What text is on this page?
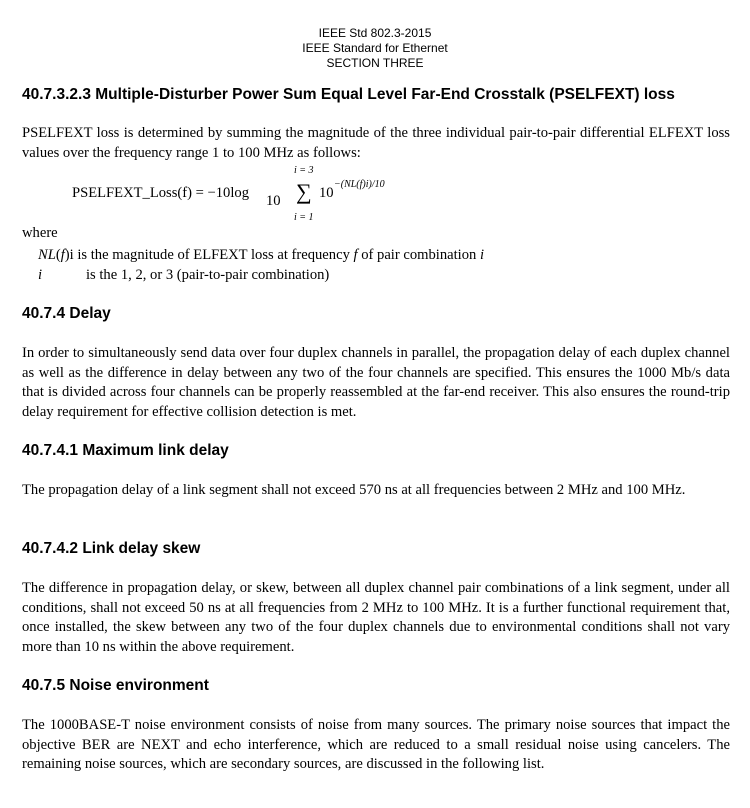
IEEE Std 802.3-2015
IEEE Standard for Ethernet
SECTION THREE
40.7.3.2.3 Multiple-Disturber Power Sum Equal Level Far-End Crosstalk (PSELFEXT) loss

PSELFEXT loss is determined by summing the magnitude of the three individual pair-to-pair differential ELFEXT loss values over the frequency range 1 to 100 MHz as follows:

PSELFEXT_Loss(f) = −10log 10
i = 3
∑
i = 1
10
−(NL(f)i)/10
where
NL(f)i is the magnitude of ELFEXT loss at frequency f of pair combination i
i	is the 1, 2, or 3 (pair-to-pair combination)
40.7.4 Delay

In order to simultaneously send data over four duplex channels in parallel, the propagation delay of each duplex channel as well as the difference in delay between any two of the four channels are specified. This ensures the 1000 Mb/s data that is divided across four channels can be properly reassembled at the far-end receiver. This also ensures the round-trip delay requirement for effective collision detection is met.

40.7.4.1 Maximum link delay

The propagation delay of a link segment shall not exceed 570 ns at all frequencies between 2 MHz and 100 MHz.

40.7.4.2 Link delay skew

The difference in propagation delay, or skew, between all duplex channel pair combinations of a link segment, under all conditions, shall not exceed 50 ns at all frequencies from 2 MHz to 100 MHz. It is a further functional requirement that, once installed, the skew between any two of the four duplex channels due to environmental conditions shall not vary more than 10 ns within the above requirement.

40.7.5 Noise environment

The 1000BASE-T noise environment consists of noise from many sources. The primary noise sources that impact the objective BER are NEXT and echo interference, which are reduced to a small residual noise using cancelers. The remaining noise sources, which are secondary sources, are discussed in the following list.
